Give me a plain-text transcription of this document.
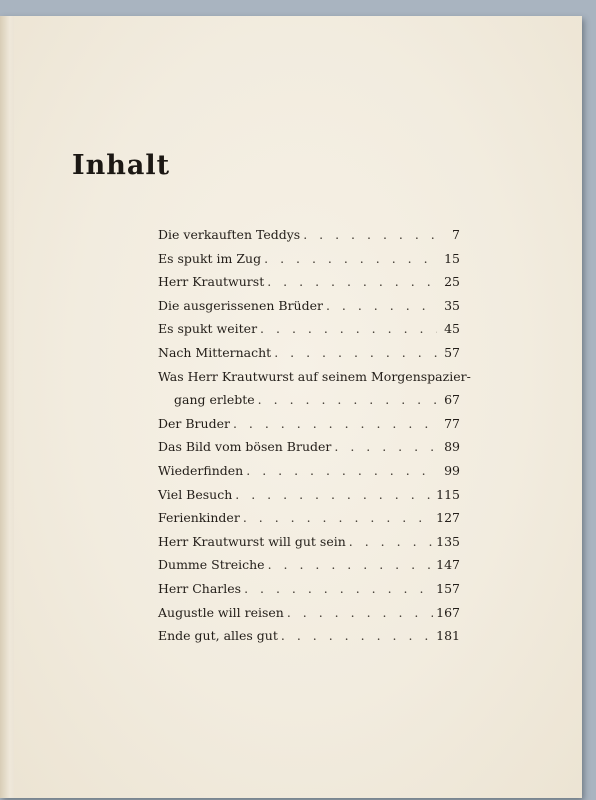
Inhalt
Die verkauften Teddys . . .	7
Es spukt im Zug . . .	15
Herr Krautwurst . . .	25
Die ausgerissenen Brüder . . .	35
Es spukt weiter . . .	45
Nach Mitternacht . . .	57
Was Herr Krautwurst auf seinem Morgenspazier-
gang erlebte . . .	67
Der Bruder . . .	77
Das Bild vom bösen Bruder . . .	89
Wiederfinden . . .	99
Viel Besuch . . .	115
Ferienkinder . . .	127
Herr Krautwurst will gut sein . . .	135
Dumme Streiche . . .	147
Herr Charles . . .	157
Augustle will reisen . . .	167
Ende gut, alles gut . . .	181
